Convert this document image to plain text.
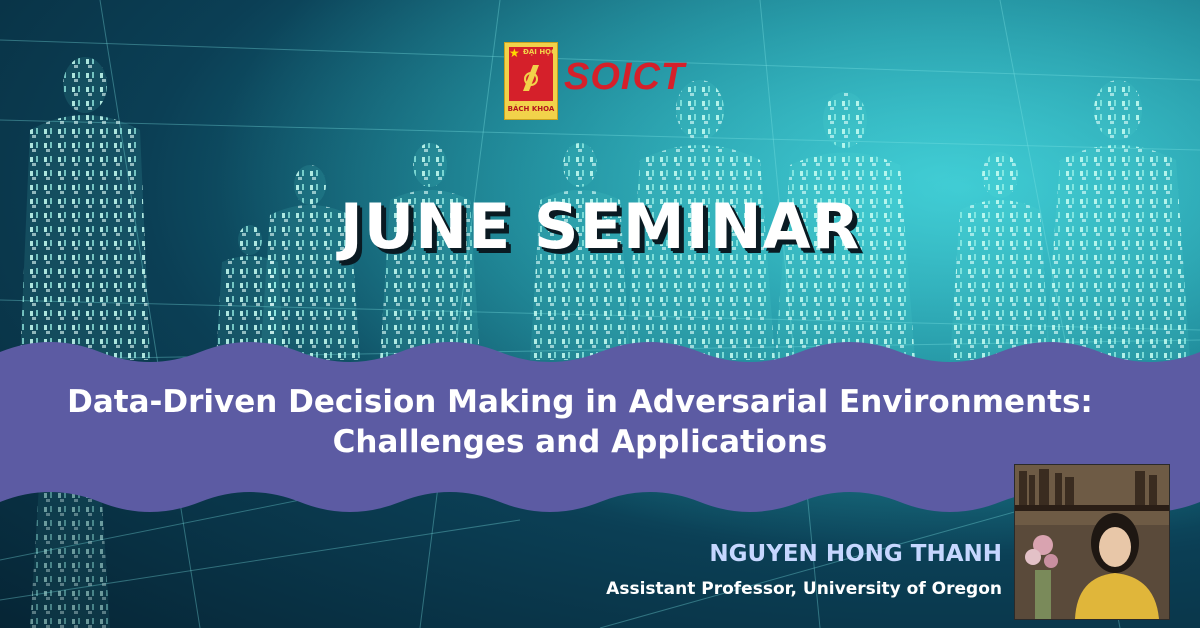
★ ĐẠI HỌC
BÁCH KHOA
SOICT
JUNE SEMINAR
Data-Driven Decision Making in Adversarial Environments:
Challenges and Applications
NGUYEN HONG THANH
Assistant Professor, University of Oregon
